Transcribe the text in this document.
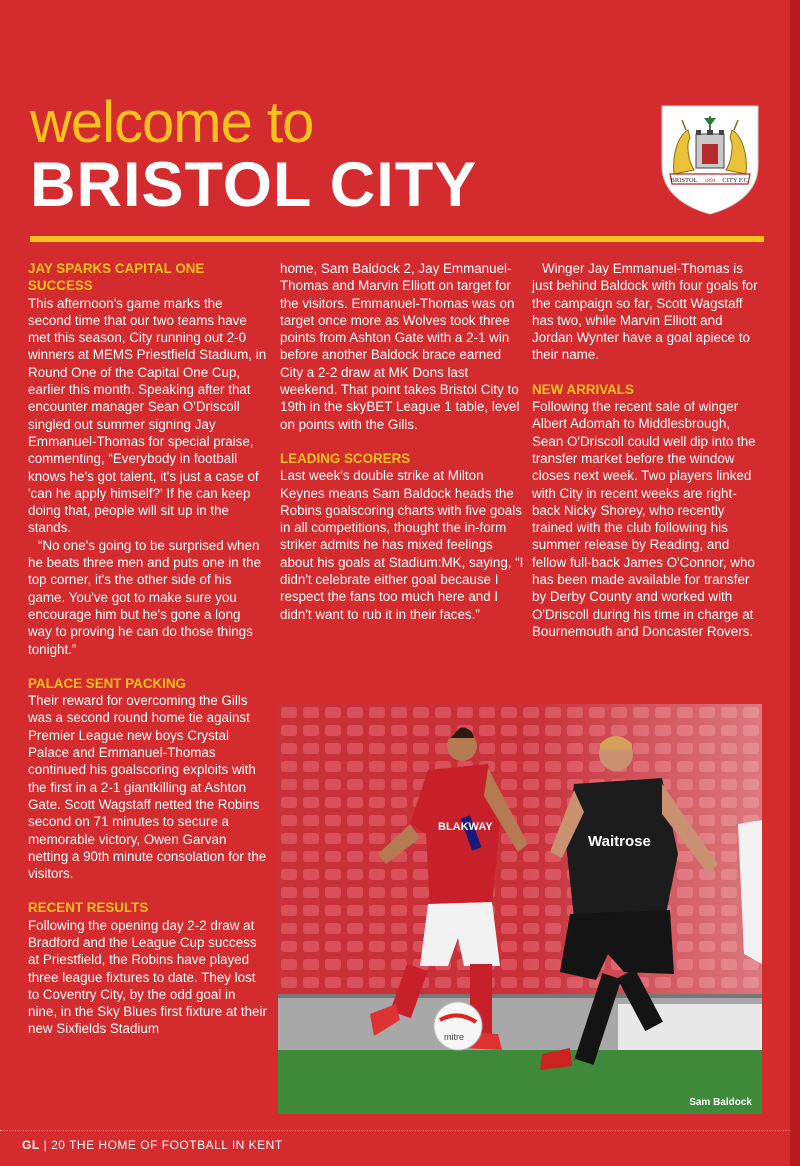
welcome to
BRISTOL CITY	BRISTOL 1894 CITY F.C.
JAY SPARKS CAPITAL ONE SUCCESS

This afternoon's game marks the second time that our two teams have met this season, City running out 2-0 winners at MEMS Priestfield Stadium, in Round One of the Capital One Cup, earlier this month. Speaking after that encounter manager Sean O'Driscoll singled out summer signing Jay Emmanuel-Thomas for special praise, commenting, “Everybody in football knows he's got talent, it's just a case of 'can he apply himself?' If he can keep doing that, people will sit up in the stands.

“No one's going to be surprised when he beats three men and puts one in the top corner, it's the other side of his game. You've got to make sure you encourage him but he's gone a long way to proving he can do those things tonight.”

PALACE SENT PACKING

Their reward for overcoming the Gills was a second round home tie against Premier League new boys Crystal Palace and Emmanuel-Thomas continued his goalscoring exploits with the first in a 2-1 giantkilling at Ashton Gate. Scott Wagstaff netted the Robins second on 71 minutes to secure a memorable victory, Owen Garvan netting a 90th minute consolation for the visitors.

RECENT RESULTS

Following the opening day 2-2 draw at Bradford and the League Cup success at Priestfield, the Robins have played three league fixtures to date. They lost to Coventry City, by the odd goal in nine, in the Sky Blues first fixture at their new Sixfields Stadium

home, Sam Baldock 2, Jay Emmanuel-Thomas and Marvin Elliott on target for the visitors. Emmanuel-Thomas was on target once more as Wolves took three points from Ashton Gate with a 2-1 win before another Baldock brace earned City a 2-2 draw at MK Dons last weekend. That point takes Bristol City to 19th in the skyBET League 1 table, level on points with the Gills.

LEADING SCORERS

Last week's double strike at Milton Keynes means Sam Baldock heads the Robins goalscoring charts with five goals in all competitions, thought the in-form striker admits he has mixed feelings about his goals at Stadium:MK, saying, “I didn't celebrate either goal because I respect the fans too much here and I didn't want to rub it in their faces.”

Winger Jay Emmanuel-Thomas is just behind Baldock with four goals for the campaign so far, Scott Wagstaff has two, while Marvin Elliott and Jordan Wynter have a goal apiece to their name.

NEW ARRIVALS

Following the recent sale of winger Albert Adomah to Middlesbrough, Sean O'Driscoll could well dip into the transfer market before the window closes next week. Two players linked with City in recent weeks are right-back Nicky Shorey, who recently trained with the club following his summer release by Reading, and fellow full-back James O'Connor, who has been made available for transfer by Derby County and worked with O'Driscoll during his time in charge at Bournemouth and Doncaster Rovers.

BLAKWAY
mitre
Waitrose
Sam Baldock
GL | 20 THE HOME OF FOOTBALL IN KENT
